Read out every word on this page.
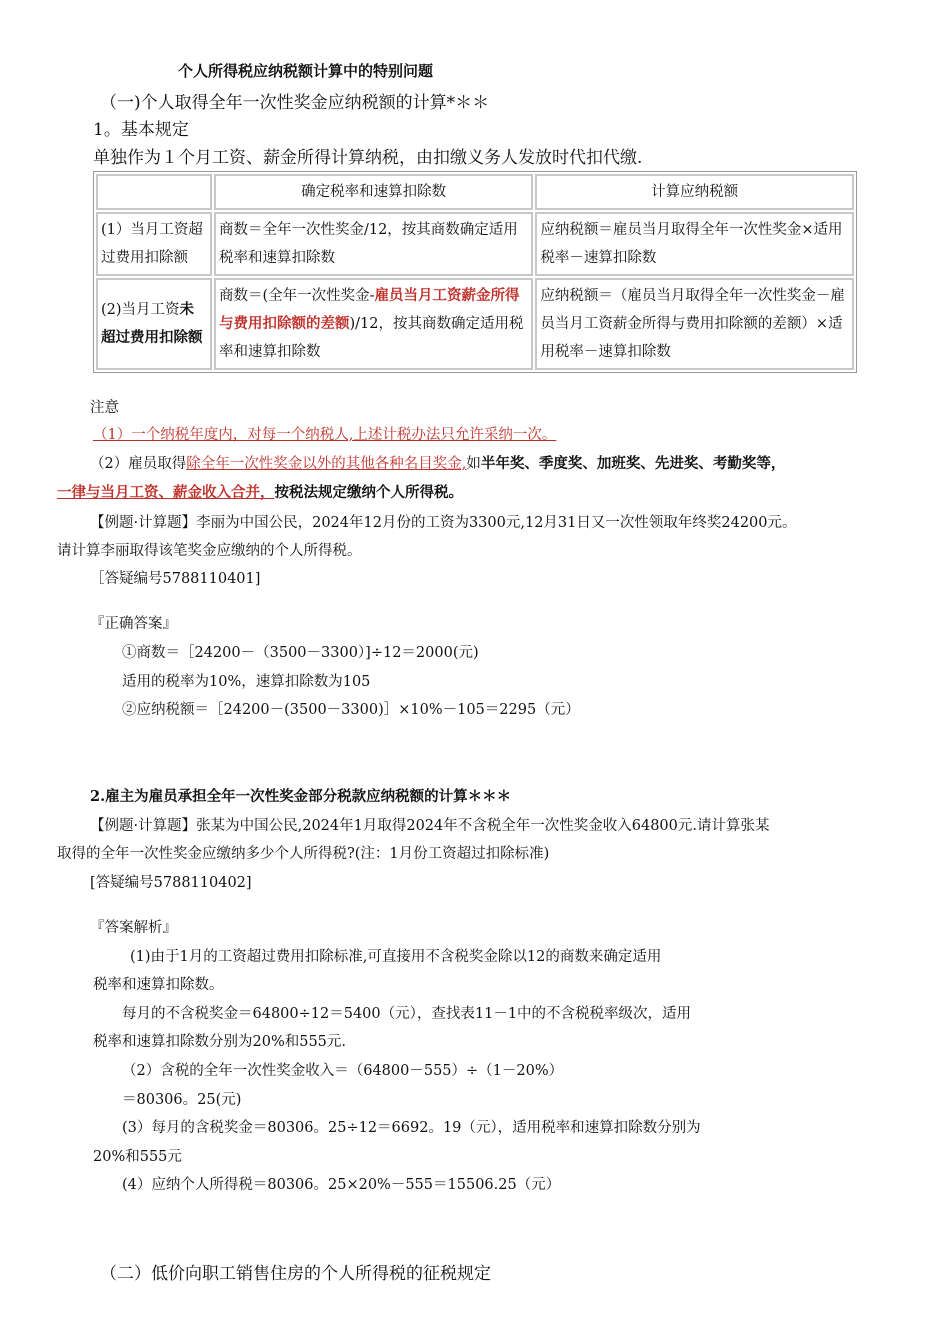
个人所得税应纳税额计算中的特别问题
（一)个人取得全年一次性奖金应纳税额的计算*＊＊
1。基本规定
单独作为１个月工资、薪金所得计算纳税，由扣缴义务人发放时代扣代缴.
	确定税率和速算扣除数	计算应纳税额
(1）当月工资超过费用扣除额	商数＝全年一次性奖金/12，按其商数确定适用税率和速算扣除数	应纳税额＝雇员当月取得全年一次性奖金×适用税率－速算扣除数
(2)当月工资未超过费用扣除额	商数＝(全年一次性奖金-雇员当月工资薪金所得与费用扣除额的差额)/12，按其商数确定适用税率和速算扣除数	应纳税额＝（雇员当月取得全年一次性奖金－雇员当月工资薪金所得与费用扣除额的差额）×适用税率－速算扣除数
注意
（1）一个纳税年度内，对每一个纳税人,上述计税办法只允许采纳一次。
（2）雇员取得除全年一次性奖金以外的其他各种名目奖金,如半年奖、季度奖、加班奖、先进奖、考勤奖等，
一律与当月工资、薪金收入合并，按税法规定缴纳个人所得税。
【例题·计算题】李丽为中国公民，2024年12月份的工资为3300元,12月31日又一次性领取年终奖24200元。
请计算李丽取得该笔奖金应缴纳的个人所得税。
［答疑编号5788110401]
『正确答案』
①商数＝［24200－（3500－3300）]÷12＝2000(元)
适用的税率为10%，速算扣除数为105
②应纳税额＝［24200－(3500－3300)］×10%－105＝2295（元）
2.雇主为雇员承担全年一次性奖金部分税款应纳税额的计算＊＊＊
【例题·计算题】张某为中国公民,2024年1月取得2024年不含税全年一次性奖金收入64800元.请计算张某
取得的全年一次性奖金应缴纳多少个人所得税?(注：1月份工资超过扣除标准)
[答疑编号5788110402]
『答案解析』
(1)由于1月的工资超过费用扣除标准,可直接用不含税奖金除以12的商数来确定适用
税率和速算扣除数。
每月的不含税奖金＝64800÷12＝5400（元），查找表11－1中的不含税税率级次，适用
税率和速算扣除数分别为20%和555元.
（2）含税的全年一次性奖金收入＝（64800－555）÷（1－20%）
＝80306。25(元)
(3）每月的含税奖金＝80306。25÷12＝6692。19（元），适用税率和速算扣除数分别为
20%和555元
(4）应纳个人所得税＝80306。25×20%－555＝15506.25（元）
（二）低价向职工销售住房的个人所得税的征税规定
